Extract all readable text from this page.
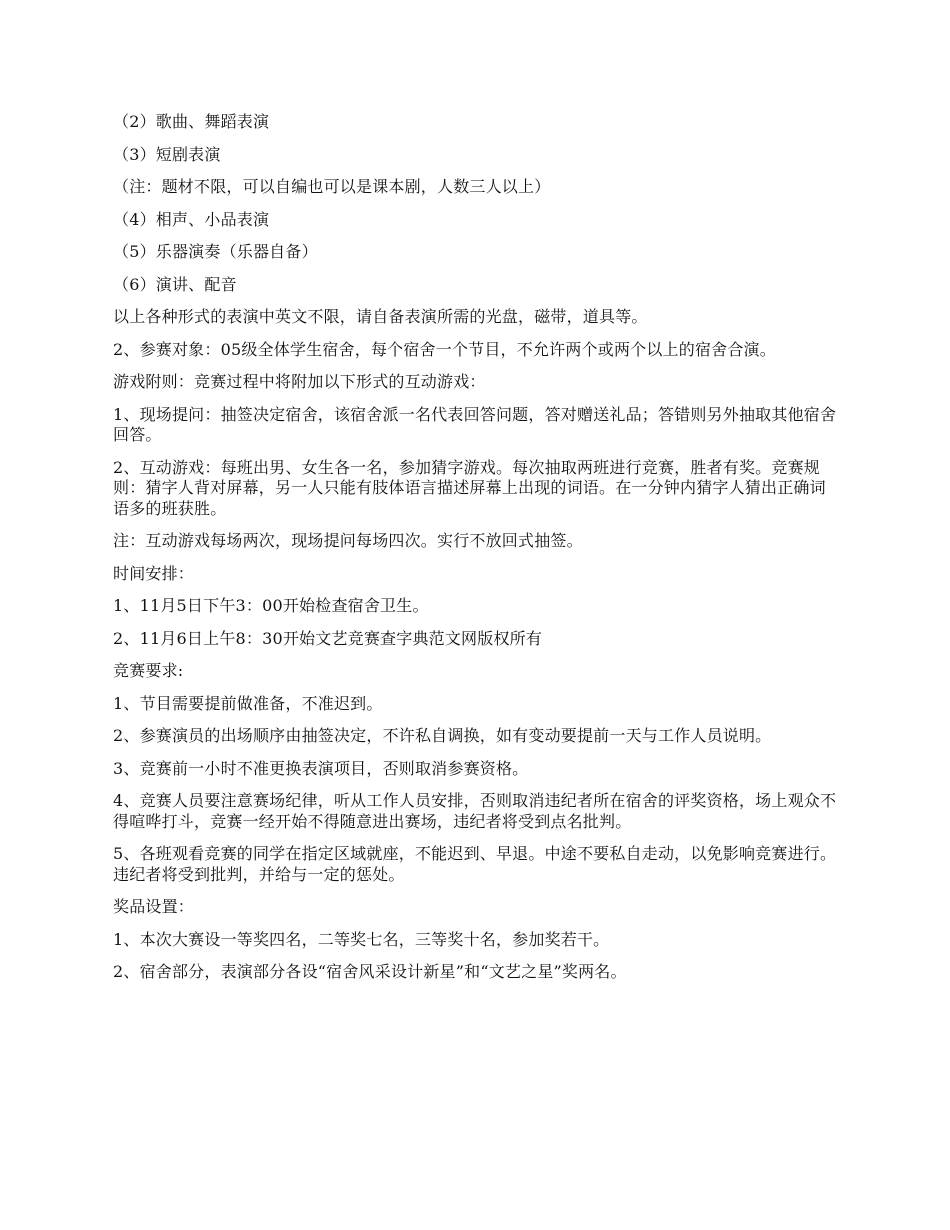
（2）歌曲、舞蹈表演

（3）短剧表演

（注：题材不限，可以自编也可以是课本剧，人数三人以上）

（4）相声、小品表演

（5）乐器演奏（乐器自备）

（6）演讲、配音

以上各种形式的表演中英文不限，请自备表演所需的光盘，磁带，道具等。

2、参赛对象：05级全体学生宿舍，每个宿舍一个节目，不允许两个或两个以上的宿舍合演。

游戏附则：竞赛过程中将附加以下形式的互动游戏：

1、现场提问：抽签决定宿舍，该宿舍派一名代表回答问题，答对赠送礼品；答错则另外抽取其他宿舍回答。

2、互动游戏：每班出男、女生各一名，参加猜字游戏。每次抽取两班进行竞赛，胜者有奖。竞赛规则：猜字人背对屏幕，另一人只能有肢体语言描述屏幕上出现的词语。在一分钟内猜字人猜出正确词语多的班获胜。

注：互动游戏每场两次，现场提问每场四次。实行不放回式抽签。

时间安排：

1、11月5日下午3：00开始检查宿舍卫生。

2、11月6日上午8：30开始文艺竞赛查字典范文网版权所有

竞赛要求:

1、节目需要提前做准备，不准迟到。

2、参赛演员的出场顺序由抽签决定，不许私自调换，如有变动要提前一天与工作人员说明。

3、竞赛前一小时不准更换表演项目，否则取消参赛资格。

4、竞赛人员要注意赛场纪律，听从工作人员安排，否则取消违纪者所在宿舍的评奖资格，场上观众不得喧哗打斗，竞赛一经开始不得随意进出赛场，违纪者将受到点名批判。

5、各班观看竞赛的同学在指定区域就座，不能迟到、早退。中途不要私自走动，以免影响竞赛进行。违纪者将受到批判，并给与一定的惩处。

奖品设置：

1、本次大赛设一等奖四名，二等奖七名，三等奖十名，参加奖若干。

2、宿舍部分，表演部分各设“宿舍风采设计新星”和“文艺之星”奖两名。
